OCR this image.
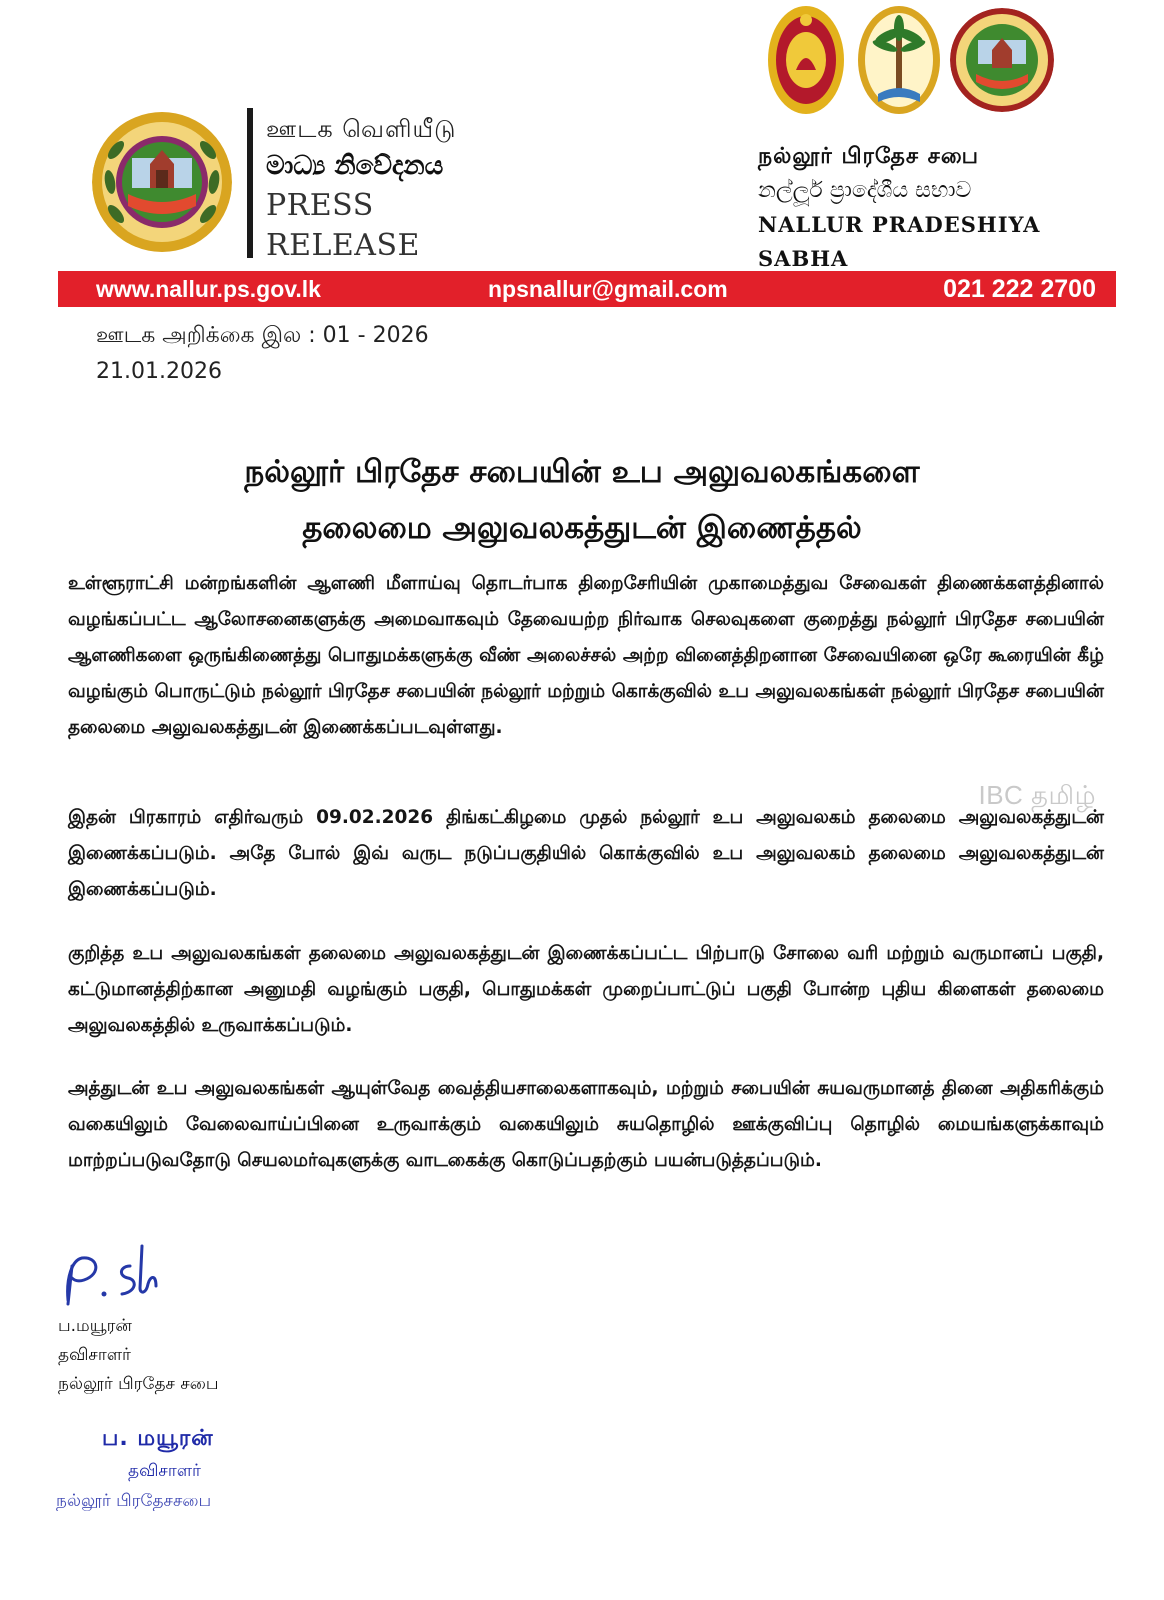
ஊடக வெளியீடு
මාධ්‍ය නිවේදනය
PRESS RELEASE
நல்லூர் பிரதேச சபை
නල්ලූර් ප්‍රාදේශීය සභාව
NALLUR PRADESHIYA SABHA
www.nallur.ps.gov.lk	npsnallur@gmail.com	021 222 2700
ஊடக அறிக்கை இல : 01 - 2026
21.01.2026
நல்லூர் பிரதேச சபையின் உப அலுவலகங்களை
தலைமை அலுவலகத்துடன் இணைத்தல்
உள்ளூராட்சி மன்றங்களின் ஆளணி மீளாய்வு தொடர்பாக திறைசேரியின் முகாமைத்துவ சேவைகள் திணைக்களத்தினால் வழங்கப்பட்ட ஆலோசனைகளுக்கு அமைவாகவும் தேவையற்ற நிர்வாக செலவுகளை குறைத்து நல்லூர் பிரதேச சபையின் ஆளணிகளை ஒருங்கிணைத்து பொதுமக்களுக்கு வீண் அலைச்சல் அற்ற வினைத்திறனான சேவையினை ஒரே கூரையின் கீழ் வழங்கும் பொருட்டும் நல்லூர் பிரதேச சபையின் நல்லூர் மற்றும் கொக்குவில் உப அலுவலகங்கள் நல்லூர் பிரதேச சபையின் தலைமை அலுவலகத்துடன் இணைக்கப்படவுள்ளது.
இதன் பிரகாரம் எதிர்வரும் 09.02.2026 திங்கட்கிழமை முதல் நல்லூர் உப அலுவலகம் தலைமை அலுவலகத்துடன் இணைக்கப்படும். அதே போல் இவ் வருட நடுப்பகுதியில் கொக்குவில் உப அலுவலகம் தலைமை அலுவலகத்துடன் இணைக்கப்படும்.
குறித்த உப அலுவலகங்கள் தலைமை அலுவலகத்துடன் இணைக்கப்பட்ட பிற்பாடு சோலை வரி மற்றும் வருமானப் பகுதி, கட்டுமானத்திற்கான அனுமதி வழங்கும் பகுதி, பொதுமக்கள் முறைப்பாட்டுப் பகுதி போன்ற புதிய கிளைகள் தலைமை அலுவலகத்தில் உருவாக்கப்படும்.
அத்துடன் உப அலுவலகங்கள் ஆயுள்வேத வைத்தியசாலைகளாகவும், மற்றும் சபையின் சுயவருமானத் தினை அதிகரிக்கும் வகையிலும் வேலைவாய்ப்பினை உருவாக்கும் வகையிலும் சுயதொழில் ஊக்குவிப்பு தொழில் மையங்களுக்காவும் மாற்றப்படுவதோடு செயலமர்வுகளுக்கு வாடகைக்கு கொடுப்பதற்கும் பயன்படுத்தப்படும்.
IBC தமிழ்
ப.மயூரன்
தவிசாளர்
நல்லூர் பிரதேச சபை
ப. மயூரன்
தவிசாளர்
நல்லூர் பிரதேசசபை
